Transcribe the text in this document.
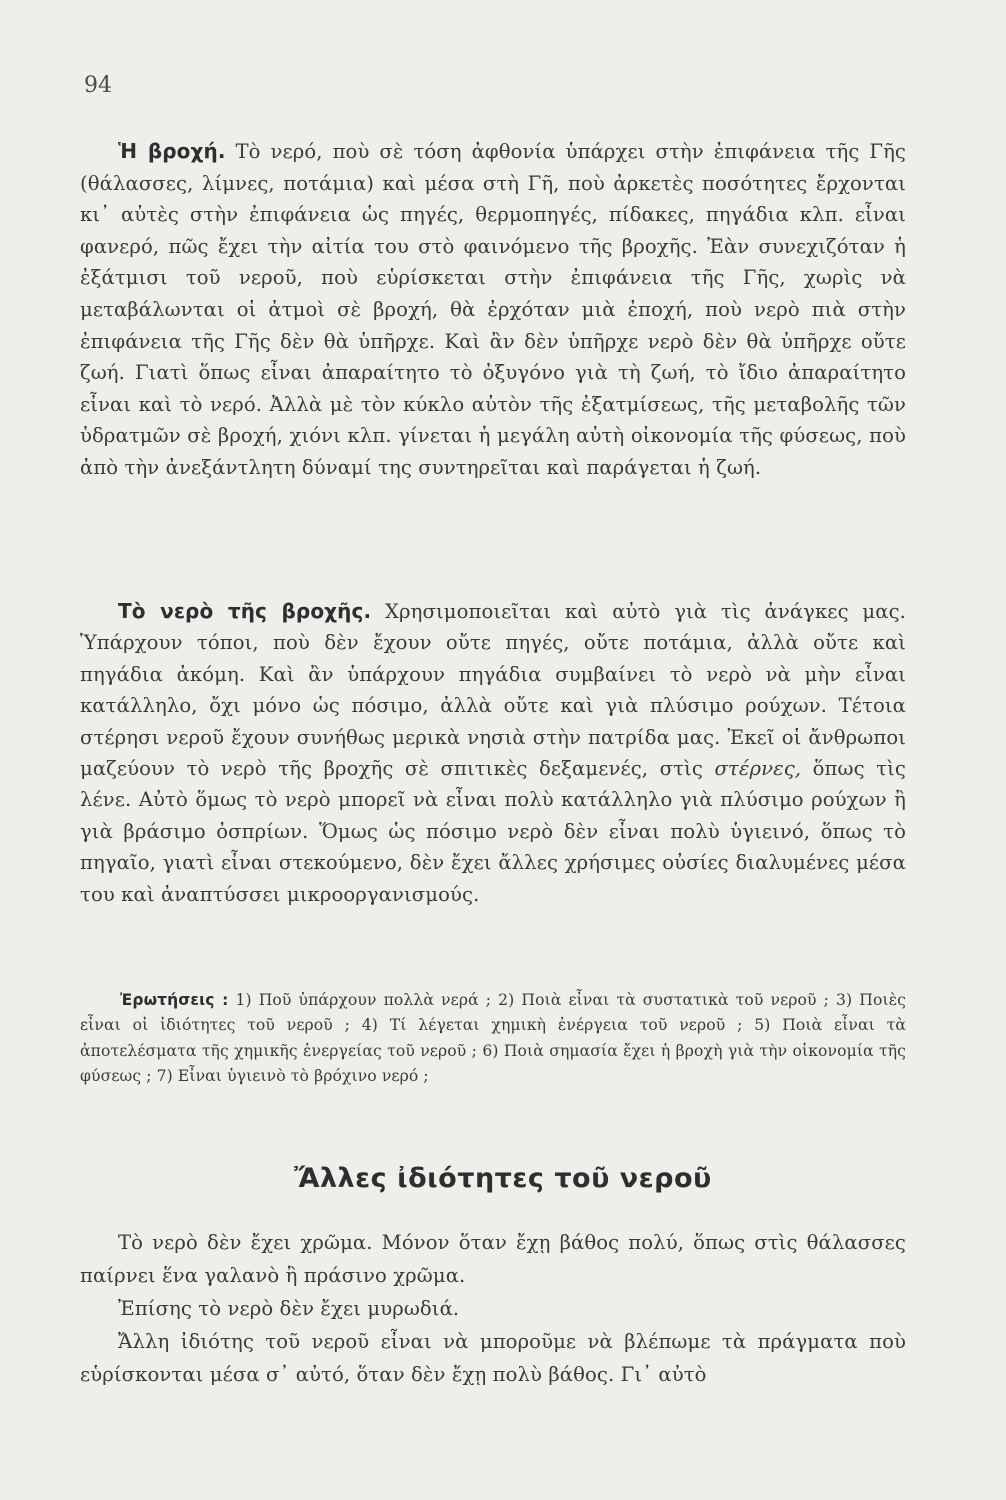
94

Ἡ βροχή. Τὸ νερό, ποὺ σὲ τόση ἀφθονία ὑπάρχει στὴν ἐπιφάνεια τῆς Γῆς (θάλασσες, λίμνες, ποτάμια) καὶ μέσα στὴ Γῆ, ποὺ ἀρκετὲς ποσότητες ἔρχονται κι᾿ αὐτὲς στὴν ἐπιφάνεια ὡς πηγές, θερμοπηγές, πίδακες, πηγάδια κλπ. εἶναι φανερό, πῶς ἔχει τὴν αἰτία του στὸ φαινόμενο τῆς βροχῆς. Ἐὰν συνεχιζόταν ἡ ἐξάτμισι τοῦ νεροῦ, ποὺ εὑρίσκεται στὴν ἐπιφάνεια τῆς Γῆς, χωρὶς νὰ μεταβάλωνται οἱ ἀτμοὶ σὲ βροχή, θὰ ἐρχόταν μιὰ ἐποχή, ποὺ νερὸ πιὰ στὴν ἐπιφάνεια τῆς Γῆς δὲν θὰ ὑπῆρχε. Καὶ ἂν δὲν ὑπῆρχε νερὸ δὲν θὰ ὑπῆρχε οὔτε ζωή. Γιατὶ ὅπως εἶναι ἀπαραίτητο τὸ ὀξυγόνο γιὰ τὴ ζωή, τὸ ἴδιο ἀπαραίτητο εἶναι καὶ τὸ νερό. Ἀλλὰ μὲ τὸν κύκλο αὐτὸν τῆς ἐξατμίσεως, τῆς μεταβολῆς τῶν ὑδρατμῶν σὲ βροχή, χιόνι κλπ. γίνεται ἡ μεγάλη αὐτὴ οἰκονομία τῆς φύσεως, ποὺ ἀπὸ τὴν ἀνεξάντλητη δύναμί της συντηρεῖται καὶ παράγεται ἡ ζωή.

Τὸ νερὸ τῆς βροχῆς. Χρησιμοποιεῖται καὶ αὐτὸ γιὰ τὶς ἀνάγκες μας. Ὑπάρχουν τόποι, ποὺ δὲν ἔχουν οὔτε πηγές, οὔτε ποτάμια, ἀλλὰ οὔτε καὶ πηγάδια ἀκόμη. Καὶ ἂν ὑπάρχουν πηγάδια συμβαίνει τὸ νερὸ νὰ μὴν εἶναι κατάλληλο, ὄχι μόνο ὡς πόσιμο, ἀλλὰ οὔτε καὶ γιὰ πλύσιμο ρούχων. Τέτοια στέρησι νεροῦ ἔχουν συνήθως μερικὰ νησιὰ στὴν πατρίδα μας. Ἐκεῖ οἱ ἄνθρωποι μαζεύουν τὸ νερὸ τῆς βροχῆς σὲ σπιτικὲς δεξαμενές, στὶς στέρνες, ὅπως τὶς λένε. Αὐτὸ ὅμως τὸ νερὸ μπορεῖ νὰ εἶναι πολὺ κατάλληλο γιὰ πλύσιμο ρούχων ἢ γιὰ βράσιμο ὀσπρίων. Ὅμως ὡς πόσιμο νερὸ δὲν εἶναι πολὺ ὑγιεινό, ὅπως τὸ πηγαῖο, γιατὶ εἶναι στεκούμενο, δὲν ἔχει ἄλλες χρήσιμες οὐσίες διαλυμένες μέσα του καὶ ἀναπτύσσει μικροοργανισμούς.

Ἐρωτήσεις : 1) Ποῦ ὑπάρχουν πολλὰ νερά ; 2) Ποιὰ εἶναι τὰ συστατικὰ τοῦ νεροῦ ; 3) Ποιὲς εἶναι οἱ ἰδιότητες τοῦ νεροῦ ; 4) Τί λέγεται χημικὴ ἐνέργεια τοῦ νεροῦ ; 5) Ποιὰ εἶναι τὰ ἀποτελέσματα τῆς χημικῆς ἐνεργείας τοῦ νεροῦ ; 6) Ποιὰ σημασία ἔχει ἡ βροχὴ γιὰ τὴν οἰκονομία τῆς φύσεως ; 7) Εἶναι ὑγιεινὸ τὸ βρόχινο νερό ;

Ἄλλες ἰδιότητες τοῦ νεροῦ
Τὸ νερὸ δὲν ἔχει χρῶμα. Μόνον ὅταν ἔχῃ βάθος πολύ, ὅπως στὶς θάλασσες παίρνει ἕνα γαλανὸ ἢ πράσινο χρῶμα.
Ἐπίσης τὸ νερὸ δὲν ἔχει μυρωδιά.
Ἄλλη ἰδιότης τοῦ νεροῦ εἶναι νὰ μποροῦμε νὰ βλέπωμε τὰ πράγματα ποὺ εὑρίσκονται μέσα σ᾿ αὐτό, ὅταν δὲν ἔχῃ πολὺ βάθος. Γι᾿ αὐτὸ
